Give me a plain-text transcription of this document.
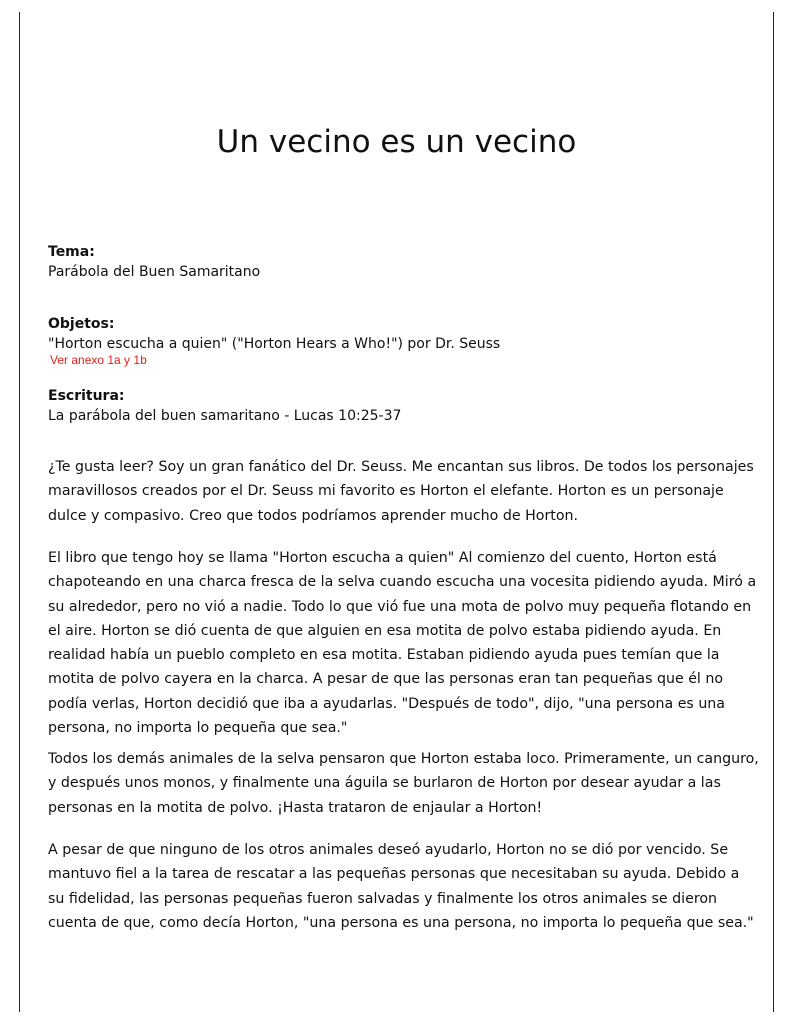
Un vecino es un vecino

Tema:

Parábola del Buen Samaritano

Objetos:

"Horton escucha a quien" ("Horton Hears a Who!") por Dr. Seuss

Ver anexo 1a y 1b

Escritura:

La parábola del buen samaritano - Lucas 10:25-37

¿Te gusta leer? Soy un gran fanático del Dr. Seuss. Me encantan sus libros. De todos los personajes maravillosos creados por el Dr. Seuss mi favorito es Horton el elefante. Horton es un personaje dulce y compasivo. Creo que todos podríamos aprender mucho de Horton.

El libro que tengo hoy se llama "Horton escucha a quien" Al comienzo del cuento, Horton está chapoteando en una charca fresca de la selva cuando escucha una vocesita pidiendo ayuda. Miró a su alrededor, pero no vió a nadie. Todo lo que vió fue una mota de polvo muy pequeña flotando en el aire. Horton se dió cuenta de que alguien en esa motita de polvo estaba pidiendo ayuda. En realidad había un pueblo completo en esa motita. Estaban pidiendo ayuda pues temían que la motita de polvo cayera en la charca. A pesar de que las personas eran tan pequeñas que él no podía verlas, Horton decidió que iba a ayudarlas. "Después de todo", dijo, "una persona es una persona, no importa lo pequeña que sea."

Todos los demás animales de la selva pensaron que Horton estaba loco. Primeramente, un canguro, y después unos monos, y finalmente una águila se burlaron de Horton por desear ayudar a las personas en la motita de polvo. ¡Hasta trataron de enjaular a Horton!

A pesar de que ninguno de los otros animales deseó ayudarlo, Horton no se dió por vencido. Se mantuvo fiel a la tarea de rescatar a las pequeñas personas que necesitaban su ayuda. Debido a su fidelidad, las personas pequeñas fueron salvadas y finalmente los otros animales se dieron cuenta de que, como decía Horton, "una persona es una persona, no importa lo pequeña que sea."
